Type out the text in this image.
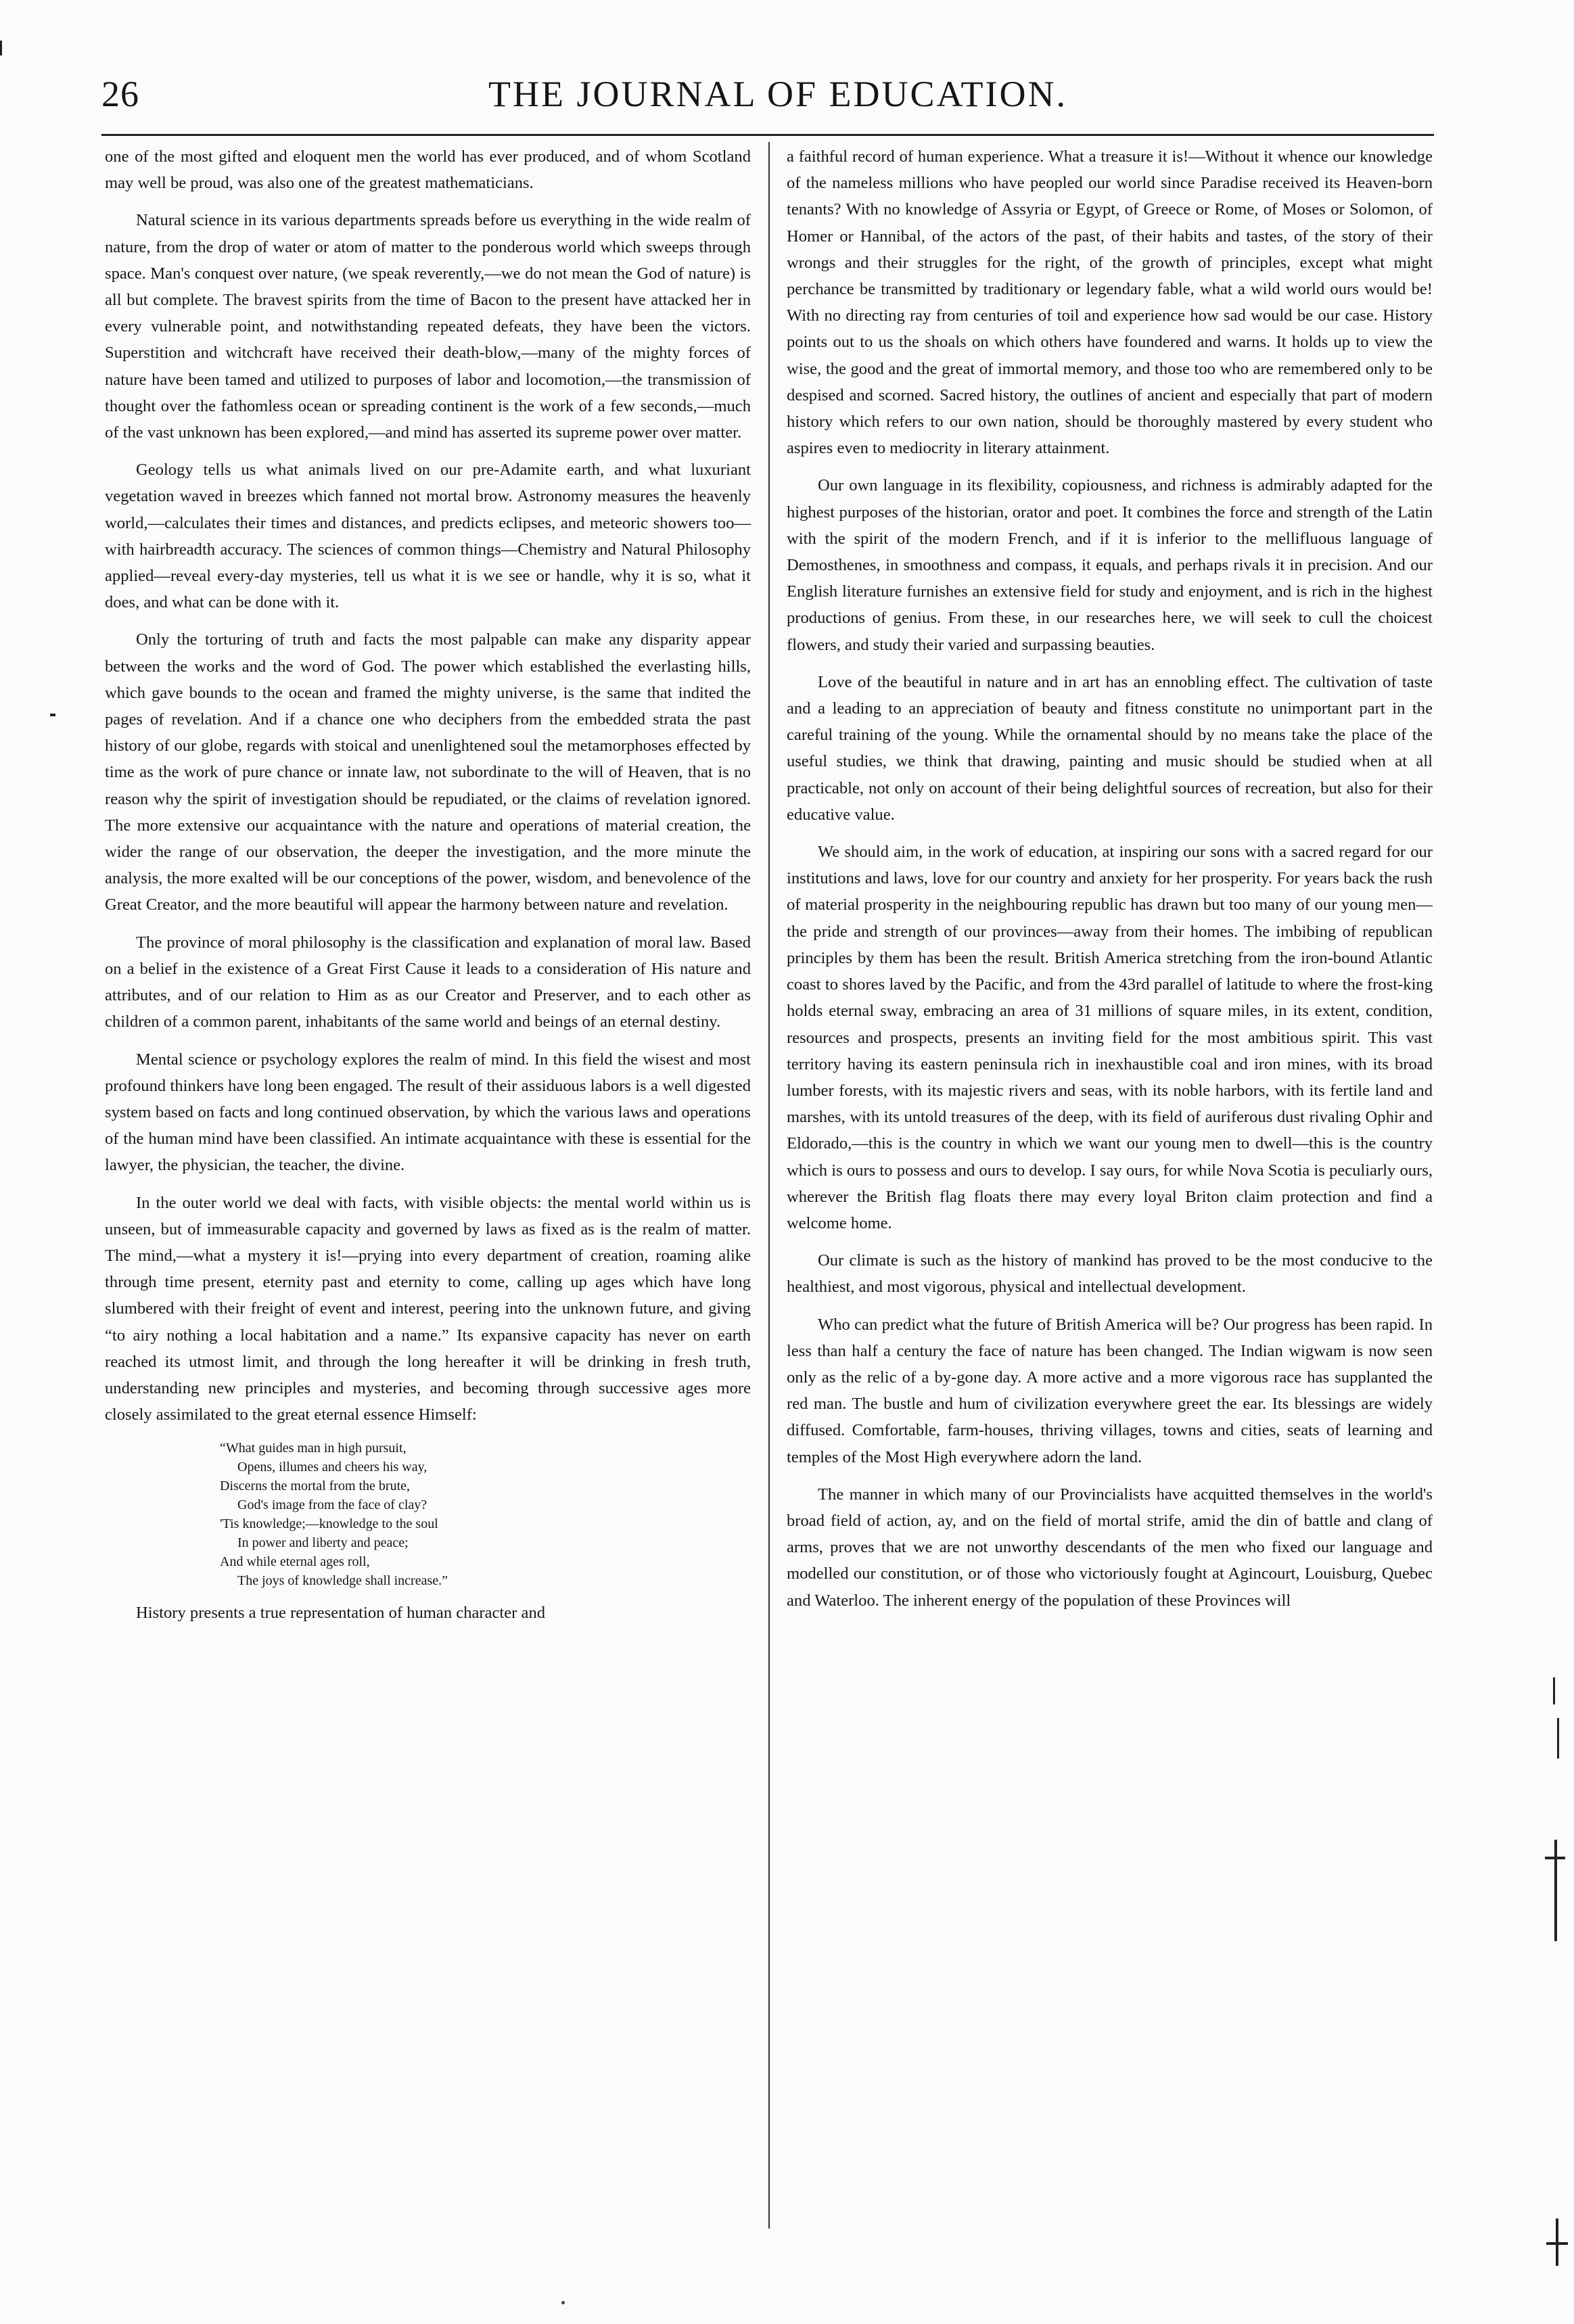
26	THE JOURNAL OF EDUCATION.

one of the most gifted and eloquent men the world has ever produced, and of whom Scotland may well be proud, was also one of the greatest mathematicians.

Natural science in its various departments spreads before us everything in the wide realm of nature, from the drop of water or atom of matter to the ponderous world which sweeps through space. Man's conquest over nature, (we speak reverently,—we do not mean the God of nature) is all but complete. The bravest spirits from the time of Bacon to the present have attacked her in every vulnerable point, and notwithstanding repeated defeats, they have been the victors. Superstition and witchcraft have received their death-blow,—many of the mighty forces of nature have been tamed and utilized to purposes of labor and locomotion,—the transmission of thought over the fathomless ocean or spreading continent is the work of a few seconds,—much of the vast unknown has been explored,—and mind has asserted its supreme power over matter.

Geology tells us what animals lived on our pre-Adamite earth, and what luxuriant vegetation waved in breezes which fanned not mortal brow. Astronomy measures the heavenly world,—calculates their times and distances, and predicts eclipses, and meteoric showers too—with hairbreadth accuracy. The sciences of common things—Chemistry and Natural Philosophy applied—reveal every-day mysteries, tell us what it is we see or handle, why it is so, what it does, and what can be done with it.

Only the torturing of truth and facts the most palpable can make any disparity appear between the works and the word of God. The power which established the everlasting hills, which gave bounds to the ocean and framed the mighty universe, is the same that indited the pages of revelation. And if a chance one who deciphers from the embedded strata the past history of our globe, regards with stoical and unenlightened soul the metamorphoses effected by time as the work of pure chance or innate law, not subordinate to the will of Heaven, that is no reason why the spirit of investigation should be repudiated, or the claims of revelation ignored. The more extensive our acquaintance with the nature and operations of material creation, the wider the range of our observation, the deeper the investigation, and the more minute the analysis, the more exalted will be our conceptions of the power, wisdom, and benevolence of the Great Creator, and the more beautiful will appear the harmony between nature and revelation.

The province of moral philosophy is the classification and explanation of moral law. Based on a belief in the existence of a Great First Cause it leads to a consideration of His nature and attributes, and of our relation to Him as as our Creator and Preserver, and to each other as children of a common parent, inhabitants of the same world and beings of an eternal destiny.

Mental science or psychology explores the realm of mind. In this field the wisest and most profound thinkers have long been engaged. The result of their assiduous labors is a well digested system based on facts and long continued observation, by which the various laws and operations of the human mind have been classified. An intimate acquaintance with these is essential for the lawyer, the physician, the teacher, the divine.

In the outer world we deal with facts, with visible objects: the mental world within us is unseen, but of immeasurable capacity and governed by laws as fixed as is the realm of matter. The mind,—what a mystery it is!—prying into every department of creation, roaming alike through time present, eternity past and eternity to come, calling up ages which have long slumbered with their freight of event and interest, peering into the unknown future, and giving “to airy nothing a local habitation and a name.” Its expansive capacity has never on earth reached its utmost limit, and through the long hereafter it will be drinking in fresh truth, understanding new principles and mysteries, and becoming through successive ages more closely assimilated to the great eternal essence Himself:

“What guides man in high pursuit,
Opens, illumes and cheers his way,
Discerns the mortal from the brute,
God's image from the face of clay?
'Tis knowledge;—knowledge to the soul
In power and liberty and peace;
And while eternal ages roll,
The joys of knowledge shall increase.”

History presents a true representation of human character and

a faithful record of human experience. What a treasure it is!—Without it whence our knowledge of the nameless millions who have peopled our world since Paradise received its Heaven-born tenants? With no knowledge of Assyria or Egypt, of Greece or Rome, of Moses or Solomon, of Homer or Hannibal, of the actors of the past, of their habits and tastes, of the story of their wrongs and their struggles for the right, of the growth of principles, except what might perchance be transmitted by traditionary or legendary fable, what a wild world ours would be! With no directing ray from centuries of toil and experience how sad would be our case. History points out to us the shoals on which others have foundered and warns. It holds up to view the wise, the good and the great of immortal memory, and those too who are remembered only to be despised and scorned. Sacred history, the outlines of ancient and especially that part of modern history which refers to our own nation, should be thoroughly mastered by every student who aspires even to mediocrity in literary attainment.

Our own language in its flexibility, copiousness, and richness is admirably adapted for the highest purposes of the historian, orator and poet. It combines the force and strength of the Latin with the spirit of the modern French, and if it is inferior to the mellifluous language of Demosthenes, in smoothness and compass, it equals, and perhaps rivals it in precision. And our English literature furnishes an extensive field for study and enjoyment, and is rich in the highest productions of genius. From these, in our researches here, we will seek to cull the choicest flowers, and study their varied and surpassing beauties.

Love of the beautiful in nature and in art has an ennobling effect. The cultivation of taste and a leading to an appreciation of beauty and fitness constitute no unimportant part in the careful training of the young. While the ornamental should by no means take the place of the useful studies, we think that drawing, painting and music should be studied when at all practicable, not only on account of their being delightful sources of recreation, but also for their educative value.

We should aim, in the work of education, at inspiring our sons with a sacred regard for our institutions and laws, love for our country and anxiety for her prosperity. For years back the rush of material prosperity in the neighbouring republic has drawn but too many of our young men—the pride and strength of our provinces—away from their homes. The imbibing of republican principles by them has been the result. British America stretching from the iron-bound Atlantic coast to shores laved by the Pacific, and from the 43rd parallel of latitude to where the frost-king holds eternal sway, embracing an area of 31 millions of square miles, in its extent, condition, resources and prospects, presents an inviting field for the most ambitious spirit. This vast territory having its eastern peninsula rich in inexhaustible coal and iron mines, with its broad lumber forests, with its majestic rivers and seas, with its noble harbors, with its fertile land and marshes, with its untold treasures of the deep, with its field of auriferous dust rivaling Ophir and Eldorado,—this is the country in which we want our young men to dwell—this is the country which is ours to possess and ours to develop. I say ours, for while Nova Scotia is peculiarly ours, wherever the British flag floats there may every loyal Briton claim protection and find a welcome home.

Our climate is such as the history of mankind has proved to be the most conducive to the healthiest, and most vigorous, physical and intellectual development.

Who can predict what the future of British America will be? Our progress has been rapid. In less than half a century the face of nature has been changed. The Indian wigwam is now seen only as the relic of a by-gone day. A more active and a more vigorous race has supplanted the red man. The bustle and hum of civilization everywhere greet the ear. Its blessings are widely diffused. Comfortable, farm-houses, thriving villages, towns and cities, seats of learning and temples of the Most High everywhere adorn the land.

The manner in which many of our Provincialists have acquitted themselves in the world's broad field of action, ay, and on the field of mortal strife, amid the din of battle and clang of arms, proves that we are not unworthy descendants of the men who fixed our language and modelled our constitution, or of those who victoriously fought at Agincourt, Louisburg, Quebec and Waterloo. The inherent energy of the population of these Provinces will
